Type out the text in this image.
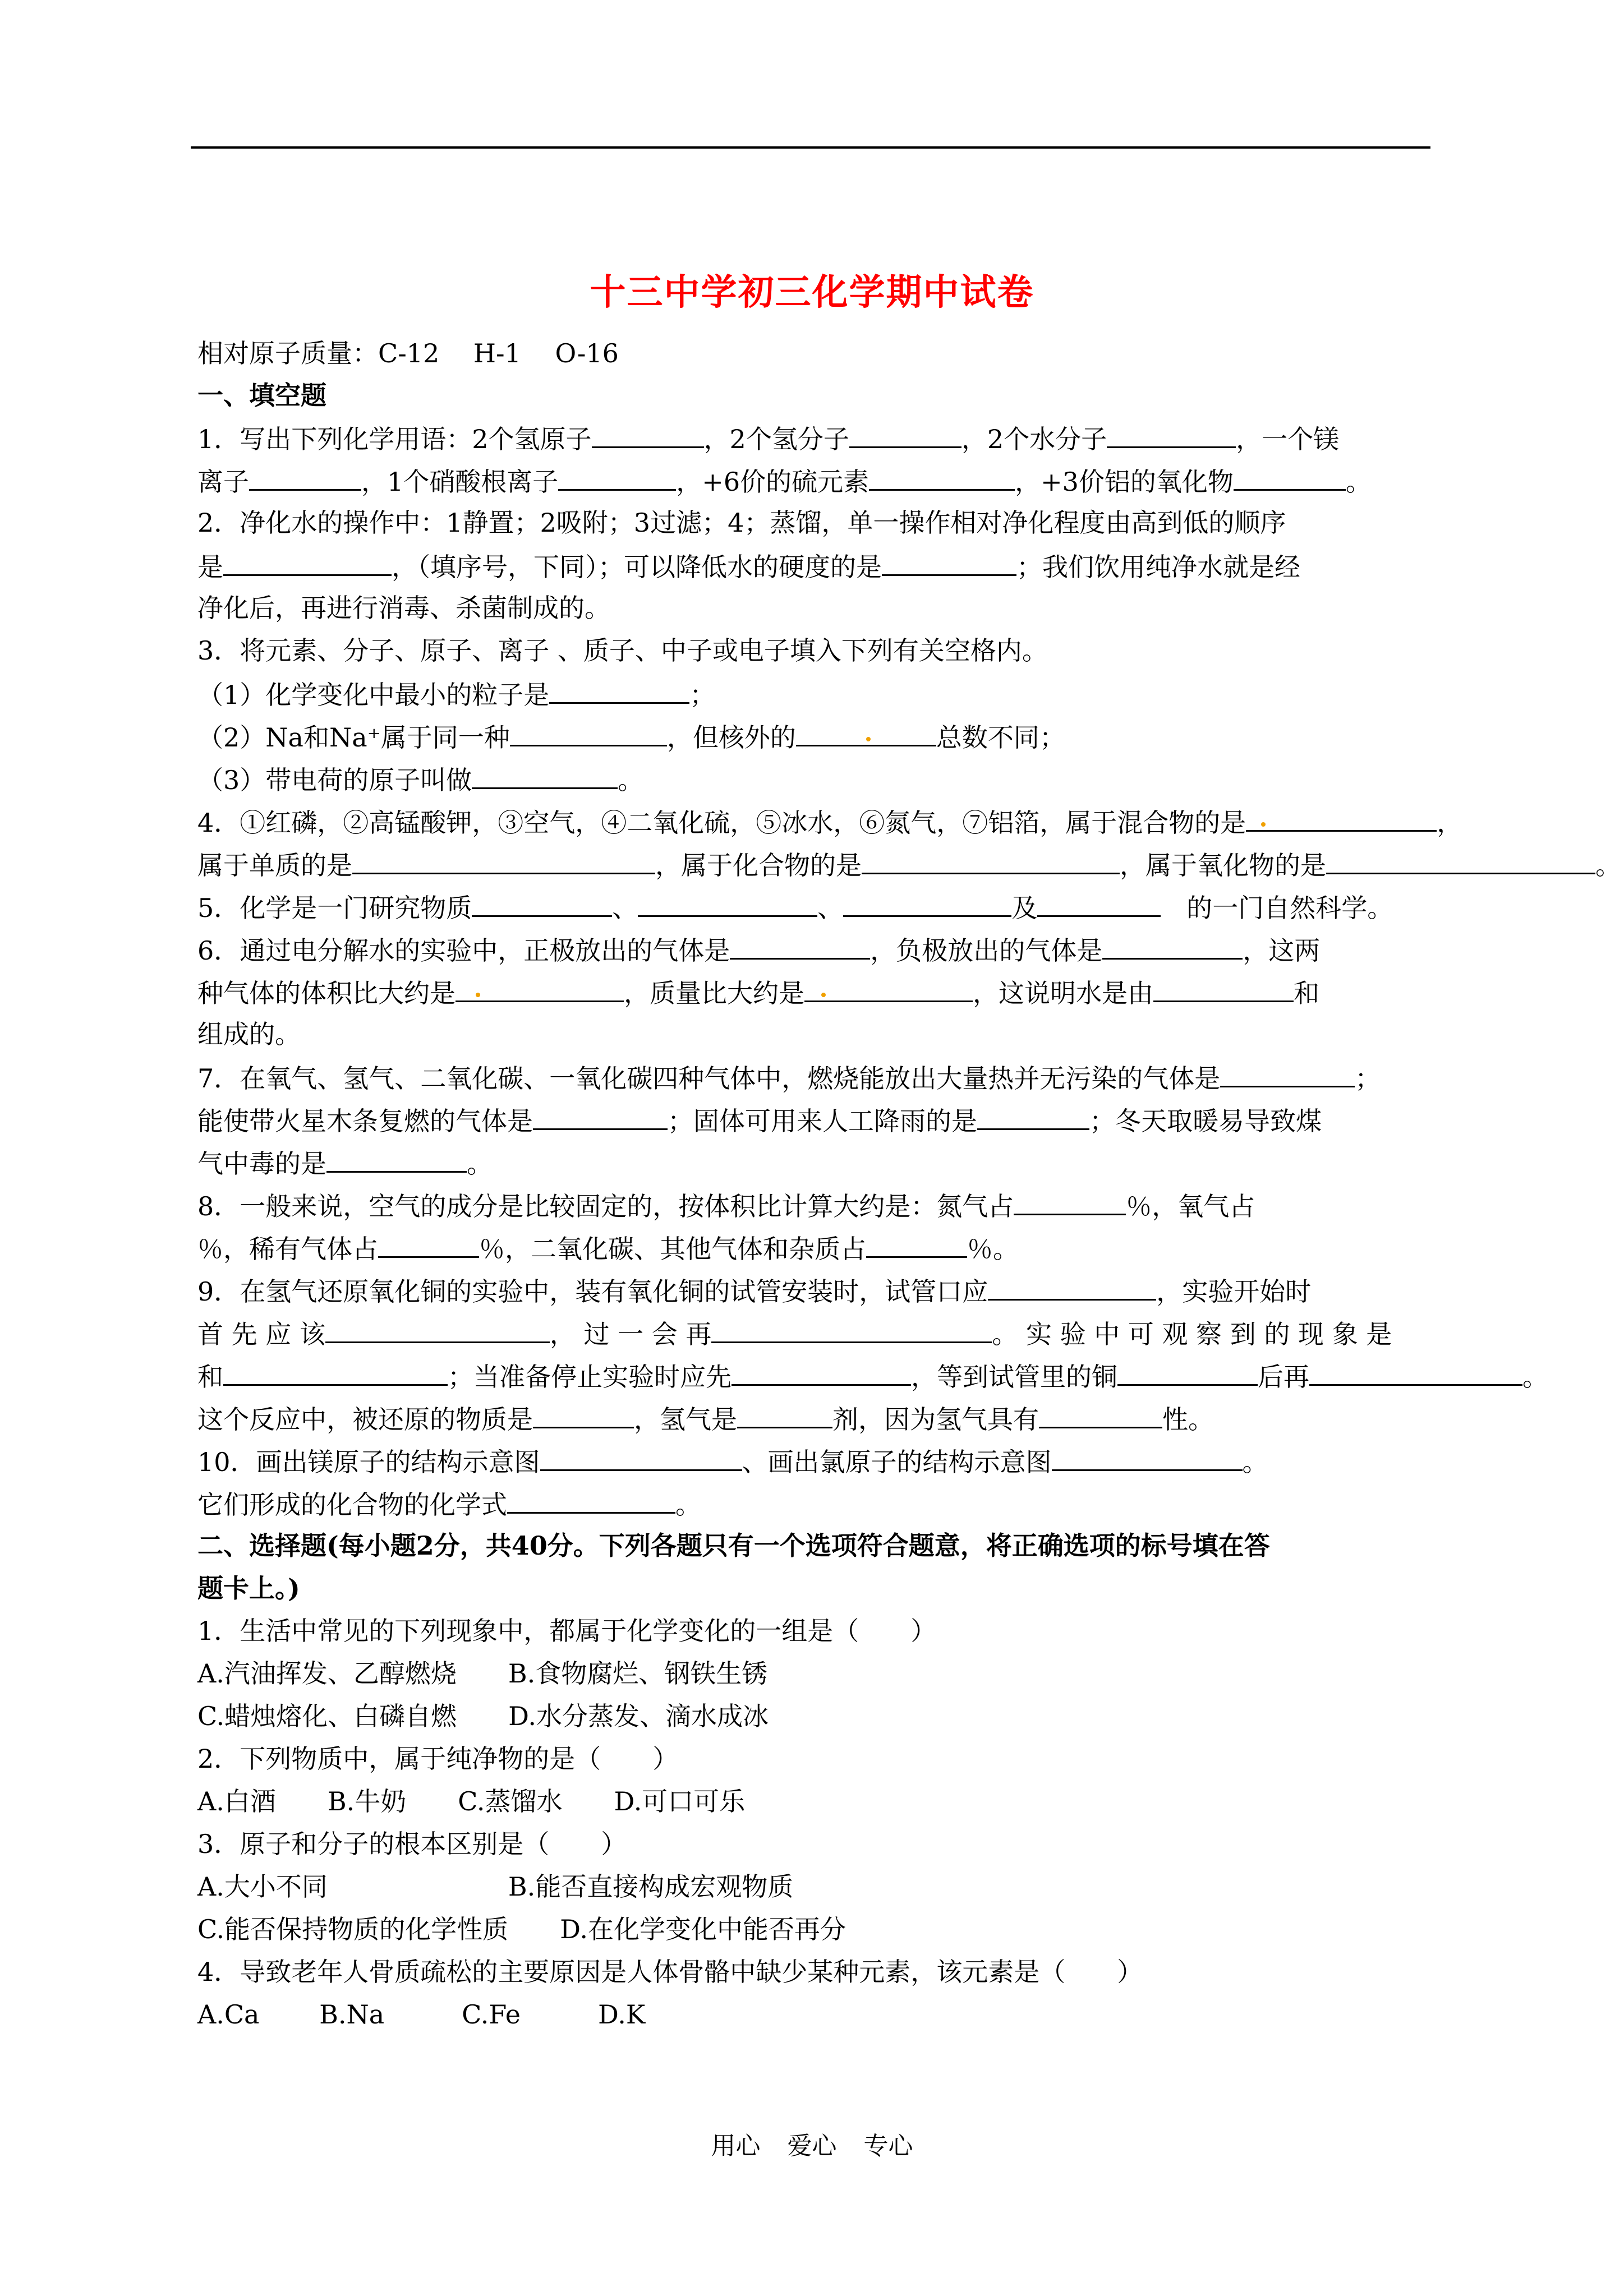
十三中学初三化学期中试卷
相对原子质量：C-12　 H-1　 O-16
一、填空题
1．写出下列化学用语：2个氢原子	，2个氢分子	，2个水分子	，一个镁
离子	，1个硝酸根离子	，+6价的硫元素	，+3价铝的氧化物	。
2．净化水的操作中：1静置；2吸附；3过滤；4；蒸馏，单一操作相对净化程度由高到低的顺序
是	，（填序号，下同）；可以降低水的硬度的是	；我们饮用纯净水就是经
净化后，再进行消毒、杀菌制成的。
3．将元素、分子、原子、离子 、质子、中子或电子填入下列有关空格内。
（1）化学变化中最小的粒子是	；
（2）Na和Na⁺属于同一种	，但核外的	总数不同；
（3）带电荷的原子叫做	。
4．①红磷，②高锰酸钾，③空气，④二氧化硫，⑤冰水，⑥氮气，⑦铝箔，属于混合物的是	，
属于单质的是	，属于化合物的是	，属于氧化物的是	。
5．化学是一门研究物质	、	、	及	　的一门自然科学。
6．通过电分解水的实验中，正极放出的气体是	，负极放出的气体是	，这两
种气体的体积比大约是	，质量比大约是	，这说明水是由	和
组成的。
7．在氧气、氢气、二氧化碳、一氧化碳四种气体中，燃烧能放出大量热并无污染的气体是	；
能使带火星木条复燃的气体是	；固体可用来人工降雨的是	；冬天取暖易导致煤
气中毒的是	。
8．一般来说，空气的成分是比较固定的，按体积比计算大约是：氮气占	％，氧气占
％，稀有气体占	％，二氧化碳、其他气体和杂质占	％。
9．在氢气还原氧化铜的实验中，装有氧化铜的试管安装时，试管口应	，实验开始时
首 先 应 该	， 过 一 会 再	。 实 验 中 可 观 察 到 的 现 象 是
和	；当准备停止实验时应先	，等到试管里的铜	后再	。
这个反应中，被还原的物质是	，氢气是	剂，因为氢气具有	性。
10．画出镁原子的结构示意图	、画出氯原子的结构示意图	。
它们形成的化合物的化学式	。
二、选择题(每小题2分，共40分。下列各题只有一个选项符合题意，将正确选项的标号填在答
题卡上。)
1．生活中常见的下列现象中，都属于化学变化的一组是（　　）
A.汽油挥发、乙醇燃烧　　B.食物腐烂、钢铁生锈
C.蜡烛熔化、白磷自燃　　D.水分蒸发、滴水成冰
2．下列物质中，属于纯净物的是（　　）
A.白酒　　B.牛奶　　C.蒸馏水　　D.可口可乐
3．原子和分子的根本区别是（　　）
A.大小不同　　　　　　　B.能否直接构成宏观物质
C.能否保持物质的化学性质　　D.在化学变化中能否再分
4．导致老年人骨质疏松的主要原因是人体骨骼中缺少某种元素，该元素是（　　）
A.Ca　　 B.Na　　　C.Fe　　　D.K
用心 爱心 专心
